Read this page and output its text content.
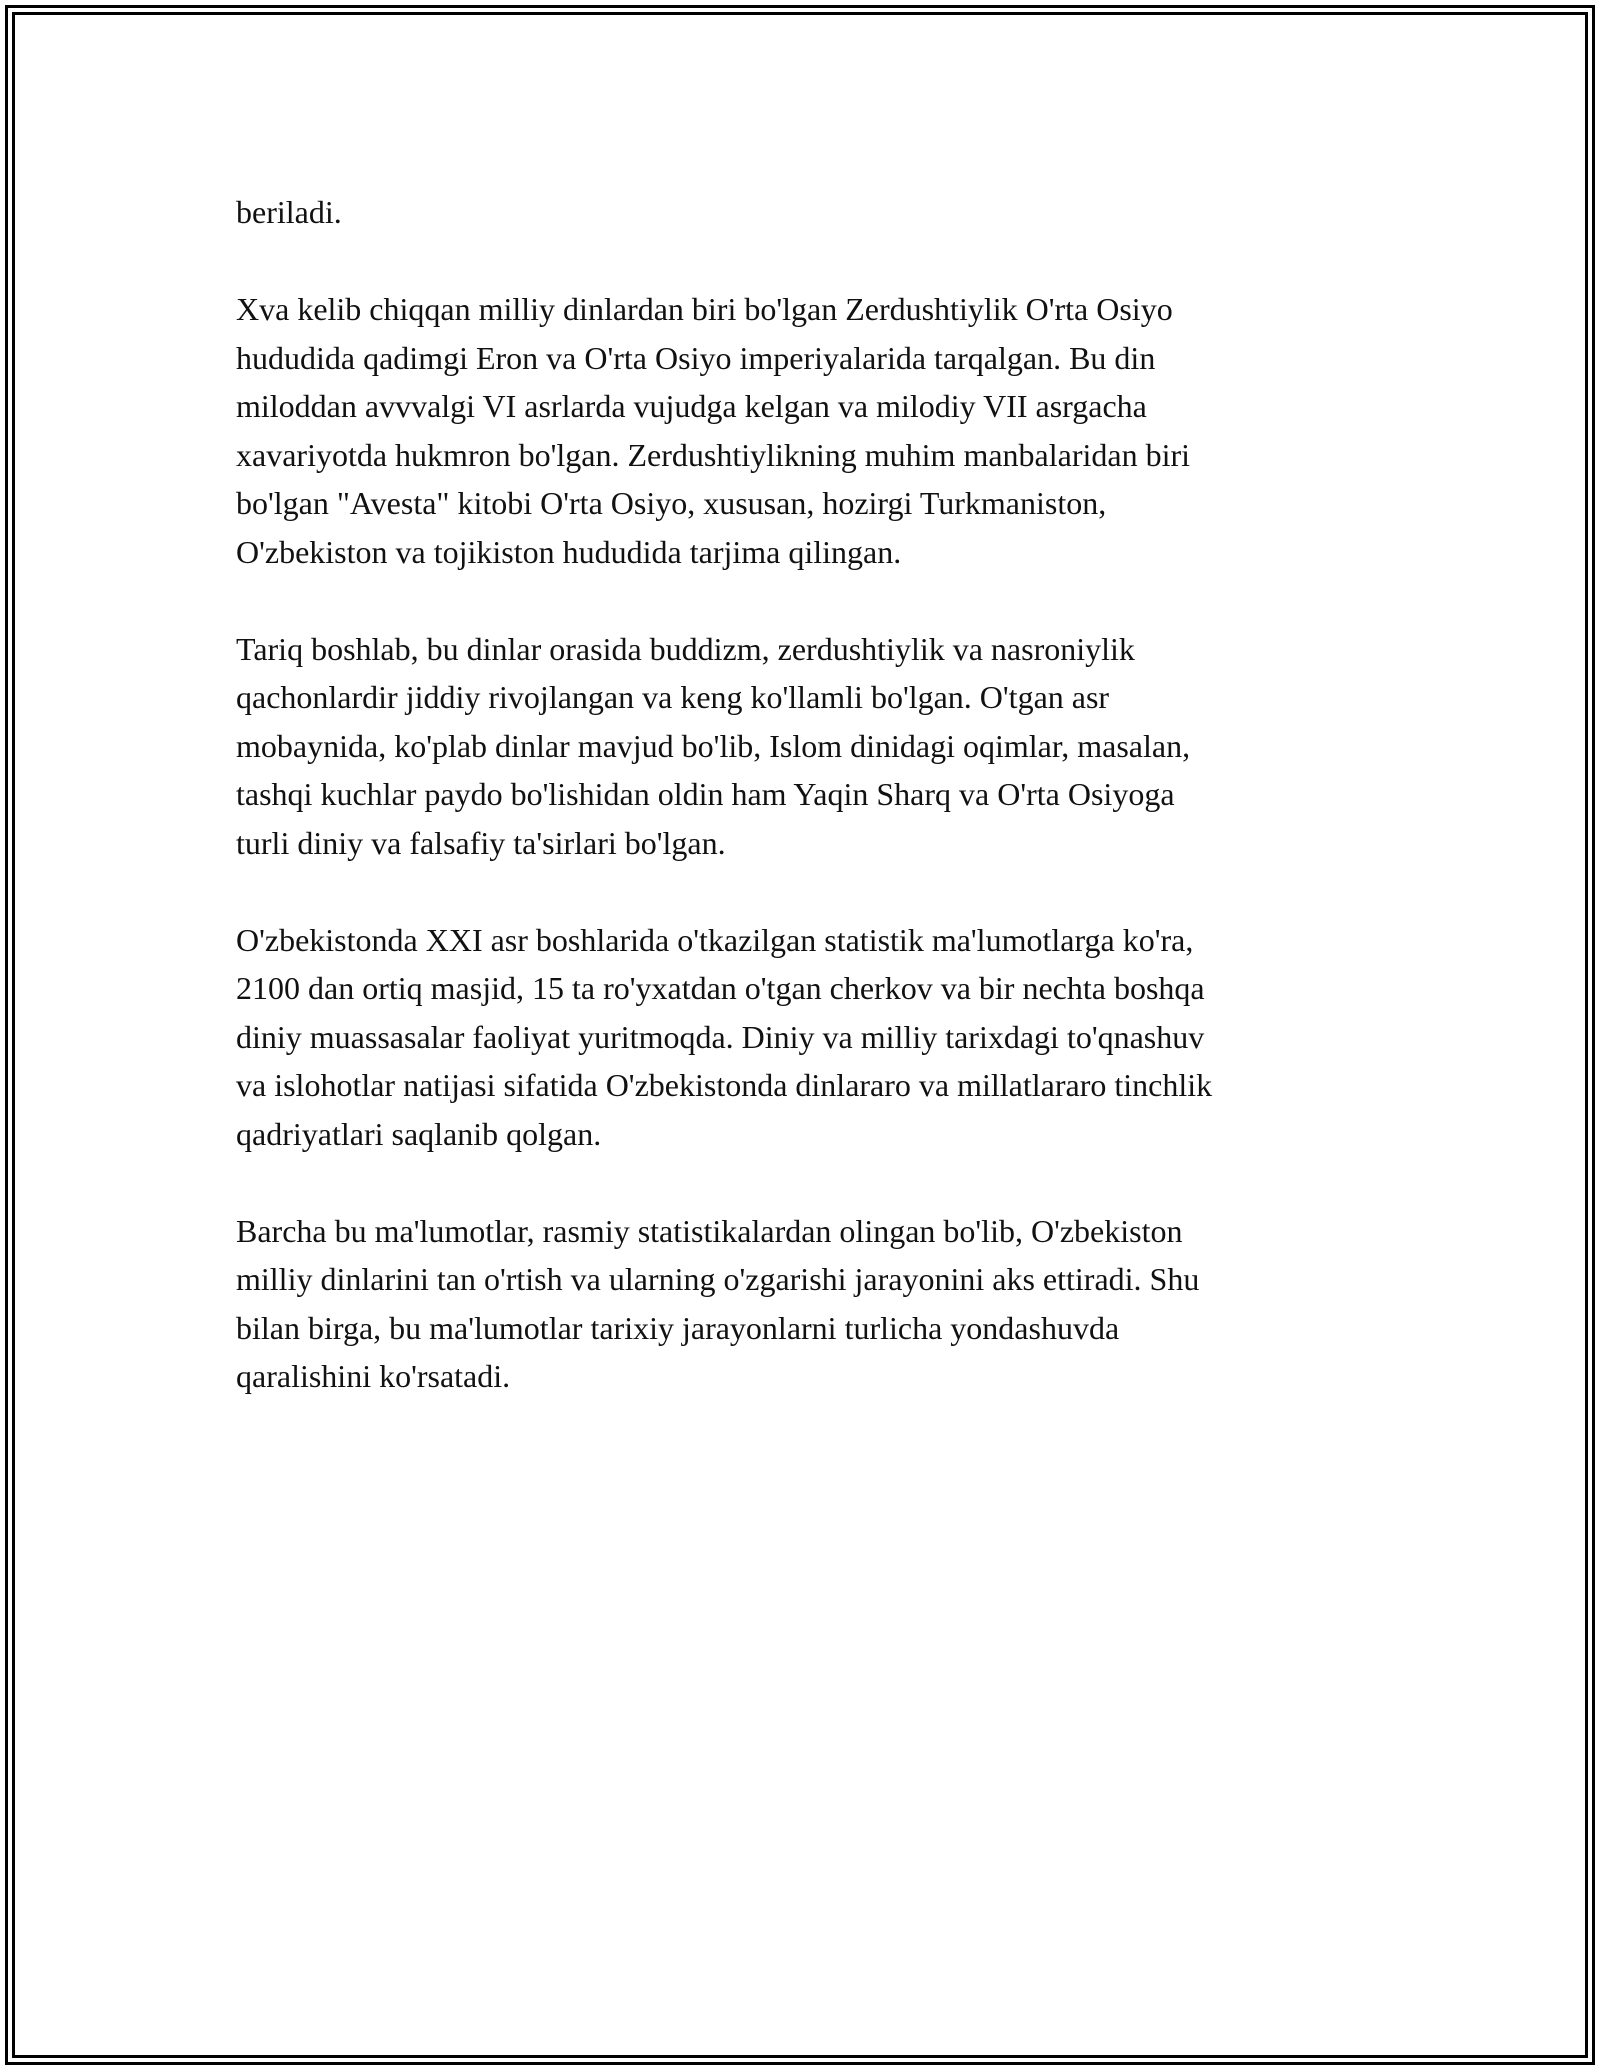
beriladi.

Xva kelib chiqqan milliy dinlardan biri bo'lgan Zerdushtiylik O'rta Osiyo
hududida qadimgi Eron va O'rta Osiyo imperiyalarida tarqalgan. Bu din
miloddan avvvalgi VI asrlarda vujudga kelgan va milodiy VII asrgacha
xavariyotda hukmron bo'lgan. Zerdushtiylikning muhim manbalaridan biri
bo'lgan "Avesta" kitobi O'rta Osiyo, xususan, hozirgi Turkmaniston,
O'zbekiston va tojikiston hududida tarjima qilingan.

Tariq boshlab, bu dinlar orasida buddizm, zerdushtiylik va nasroniylik
qachonlardir jiddiy rivojlangan va keng ko'llamli bo'lgan. O'tgan asr
mobaynida, ko'plab dinlar mavjud bo'lib, Islom dinidagi oqimlar, masalan,
tashqi kuchlar paydo bo'lishidan oldin ham Yaqin Sharq va O'rta Osiyoga
turli diniy va falsafiy ta'sirlari bo'lgan.

O'zbekistonda XXI asr boshlarida o'tkazilgan statistik ma'lumotlarga ko'ra,
2100 dan ortiq masjid, 15 ta ro'yxatdan o'tgan cherkov va bir nechta boshqa
diniy muassasalar faoliyat yuritmoqda. Diniy va milliy tarixdagi to'qnashuv
va islohotlar natijasi sifatida O'zbekistonda dinlararo va millatlararo tinchlik
qadriyatlari saqlanib qolgan.

Barcha bu ma'lumotlar, rasmiy statistikalardan olingan bo'lib, O'zbekiston
milliy dinlarini tan o'rtish va ularning o'zgarishi jarayonini aks ettiradi. Shu
bilan birga, bu ma'lumotlar tarixiy jarayonlarni turlicha yondashuvda
qaralishini ko'rsatadi.
